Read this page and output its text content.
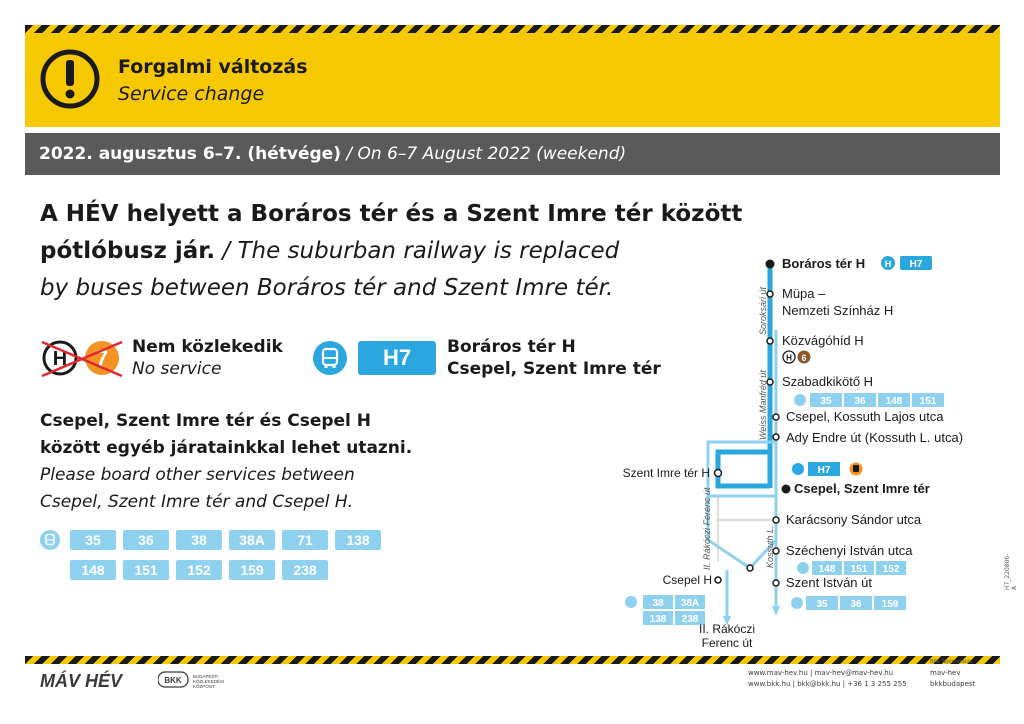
Forgalmi változás
Service change
2022. augusztus 6–7. (hétvége) / On 6–7 August 2022 (weekend)
A HÉV helyett a Boráros tér és a Szent Imre tér között
pótlóbusz jár. / The suburban railway is replaced
by buses between Boráros tér and Szent Imre tér.
H 7 Nem közlekedik
No service	H7	Boráros tér H
Csepel, Szent Imre tér
Csepel, Szent Imre tér és Csepel H
között egyéb járatainkkal lehet utazni.
Please board other services between
Csepel, Szent Imre tér and Csepel H.
35	36	38	38A	71	138
148	151	152	159	238
Boráros tér H H H7
Müpa –
Nemzeti Színház H
Közvágóhíd H
H 6
Szabadkikötő H
35 36 148 151
Csepel, Kossuth Lajos utca
Ady Endre út (Kossuth L. utca)
Szent Imre tér H	H7
Csepel, Szent Imre tér
Karácsony Sándor utca
Széchenyi István utca
148 151 152
Szent István út
35 36 159
Csepel H
38 38A
138 238
II. Rákóczi
Ferenc út
Soroksári út
Weiss Manfréd út
Kossuth L.
II. Rákóczi Ferenc út
BKK Tájékoztatás
H7_220806-A
MÁV HÉV	BKK	BUDAPESTI
KÖZLEKEDÉSI
KÖZPONT
www.mav-hev.hu | mav-hev@mav-hev.hu
www.bkk.hu | bkk@bkk.hu | +36 1 3 255 255
mav-hev
bkkbudapest
